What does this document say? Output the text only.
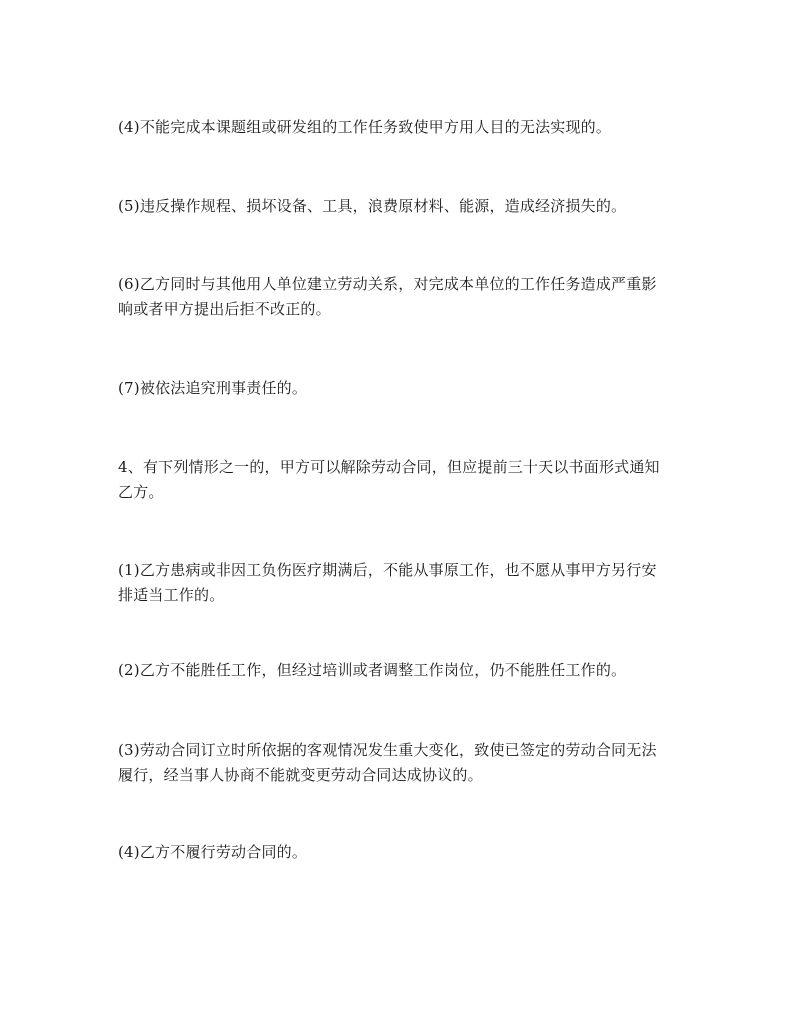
(4)不能完成本课题组或研发组的工作任务致使甲方用人目的无法实现的。

(5)违反操作规程、损坏设备、工具，浪费原材料、能源，造成经济损失的。

(6)乙方同时与其他用人单位建立劳动关系，对完成本单位的工作任务造成严重影
响或者甲方提出后拒不改正的。

(7)被依法追究刑事责任的。

4、有下列情形之一的，甲方可以解除劳动合同，但应提前三十天以书面形式通知
乙方。

(1)乙方患病或非因工负伤医疗期满后，不能从事原工作，也不愿从事甲方另行安
排适当工作的。

(2)乙方不能胜任工作，但经过培训或者调整工作岗位，仍不能胜任工作的。

(3)劳动合同订立时所依据的客观情况发生重大变化，致使已签定的劳动合同无法
履行，经当事人协商不能就变更劳动合同达成协议的。

(4)乙方不履行劳动合同的。
